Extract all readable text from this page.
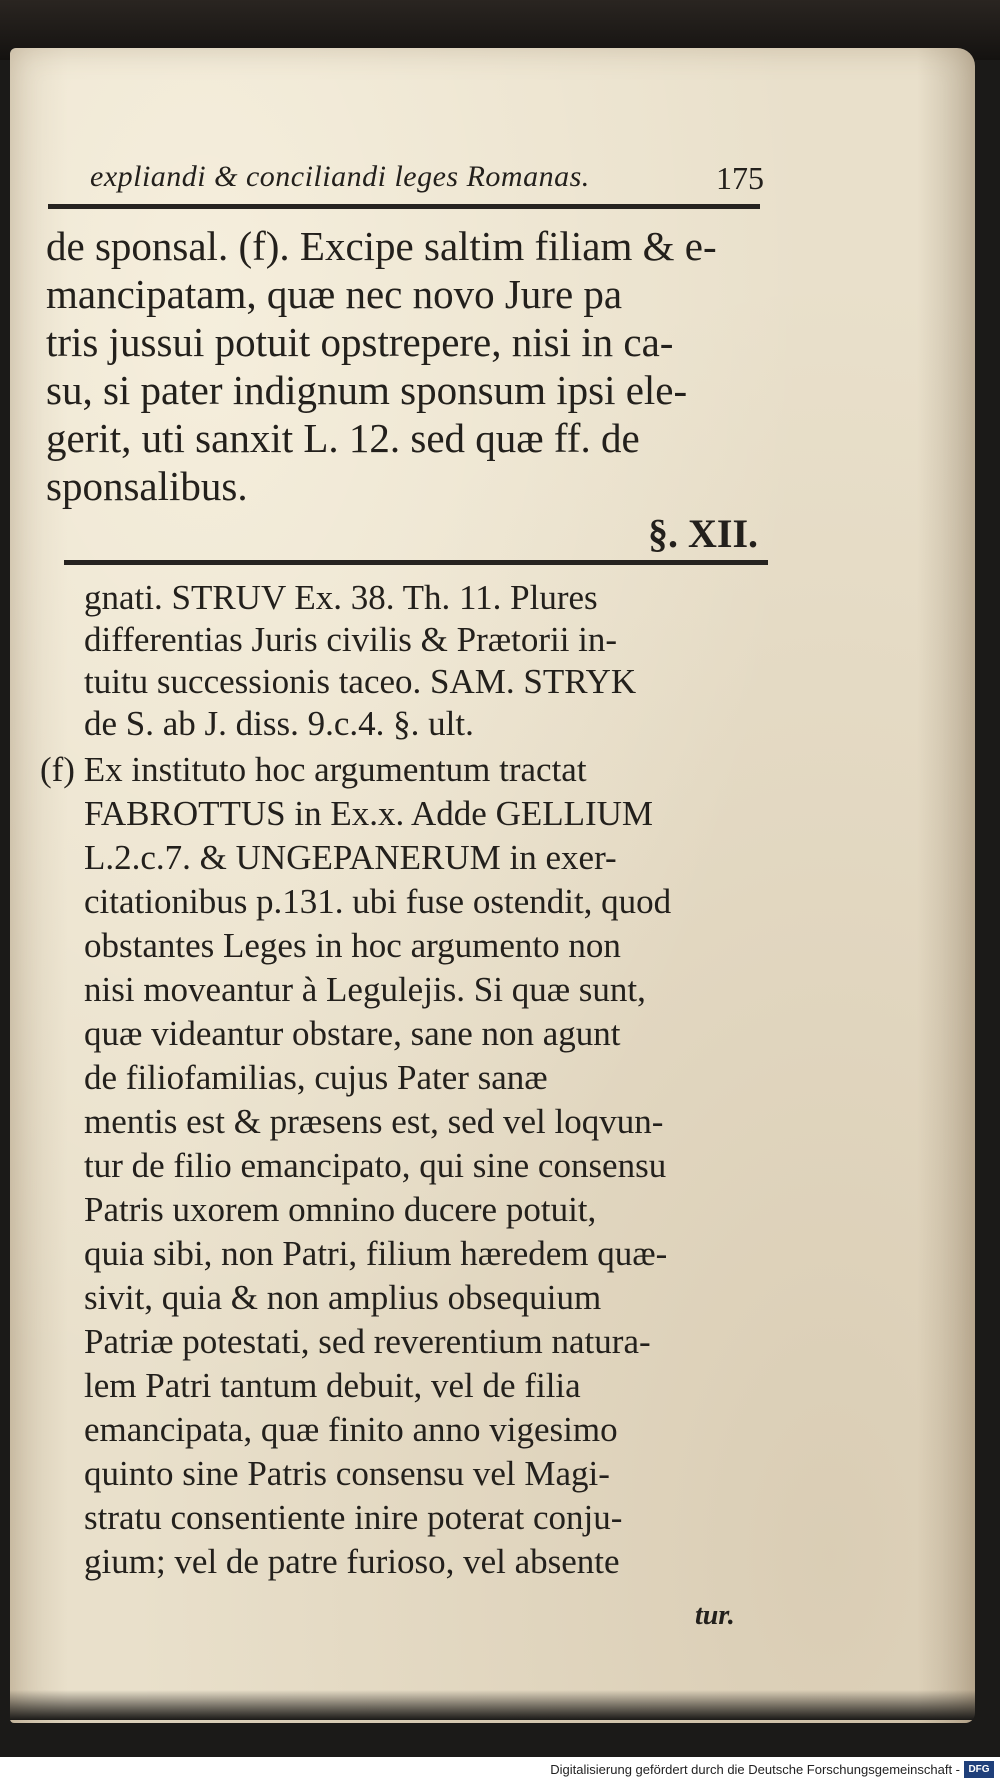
expliandi & conciliandi leges Romanas.	175
de sponsal. (f). Excipe saltim filiam & e-
mancipatam, quæ nec novo Jure pa
tris jussui potuit opstrepere, nisi in ca-
su, si pater indignum sponsum ipsi ele-
gerit, uti sanxit L. 12. sed quæ ff. de
sponsalibus.
§. XII.
gnati. STRUV Ex. 38. Th. 11. Plures
differentias Juris civilis & Prætorii in-
tuitu successionis taceo. SAM. STRYK
de S. ab J. diss. 9.c.4. §. ult.
(f) Ex instituto hoc argumentum tractat
FABROTTUS in Ex.x. Adde GELLIUM
L.2.c.7. & UNGEPANERUM in exer-
citationibus p.131. ubi fuse ostendit, quod
obstantes Leges in hoc argumento non
nisi moveantur à Legulejis. Si quæ sunt,
quæ videantur obstare, sane non agunt
de filiofamilias, cujus Pater sanæ
mentis est & præsens est, sed vel loqvun-
tur de filio emancipato, qui sine consensu
Patris uxorem omnino ducere potuit,
quia sibi, non Patri, filium hæredem quæ-
sivit, quia & non amplius obsequium
Patriæ potestati, sed reverentium natura-
lem Patri tantum debuit, vel de filia
emancipata, quæ finito anno vigesimo
quinto sine Patris consensu vel Magi-
stratu consentiente inire poterat conju-
gium; vel de patre furioso, vel absente
tur.
Digitalisierung gefördert durch die Deutsche Forschungsgemeinschaft - DFG
